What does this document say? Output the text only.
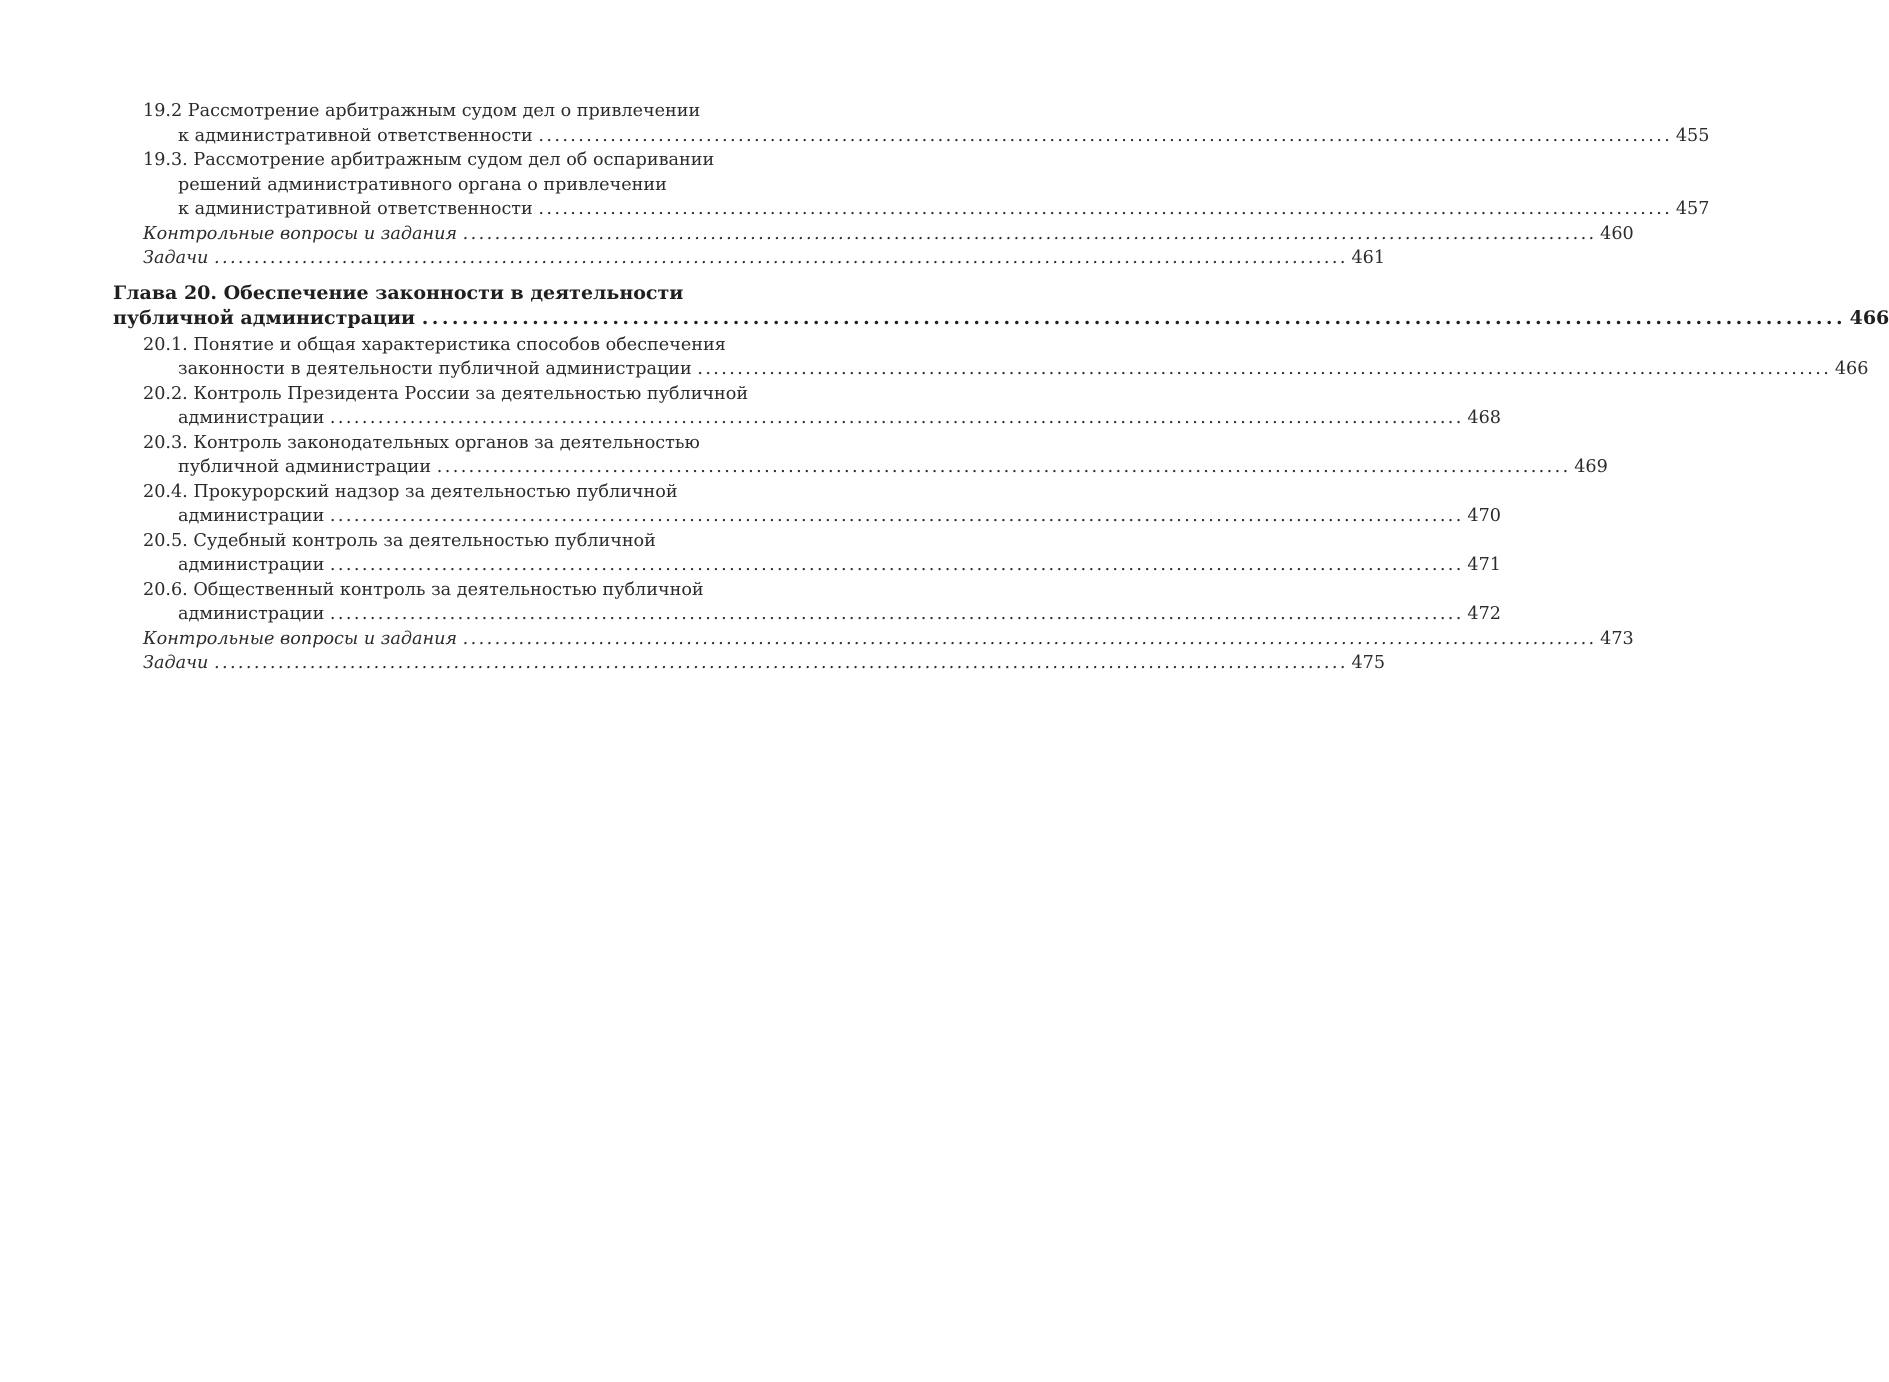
19.2 Рассмотрение арбитражным судом дел о привлечении
к административной ответственности . . .	455
19.3. Рассмотрение арбитражным судом дел об оспаривании
решений административного органа о привлечении
к административной ответственности . . .	457
Контрольные вопросы и задания . . .	460
Задачи . . .	461
Глава 20. Обеспечение законности в деятельности
публичной администрации . . .	466
20.1. Понятие и общая характеристика способов обеспечения
законности в деятельности публичной администрации . . .	466
20.2. Контроль Президента России за деятельностью публичной
администрации . . .	468
20.3. Контроль законодательных органов за деятельностью
публичной администрации . . .	469
20.4. Прокурорский надзор за деятельностью публичной
администрации . . .	470
20.5. Судебный контроль за деятельностью публичной
администрации . . .	471
20.6. Общественный контроль за деятельностью публичной
администрации . . .	472
Контрольные вопросы и задания . . .	473
Задачи . . .	475
